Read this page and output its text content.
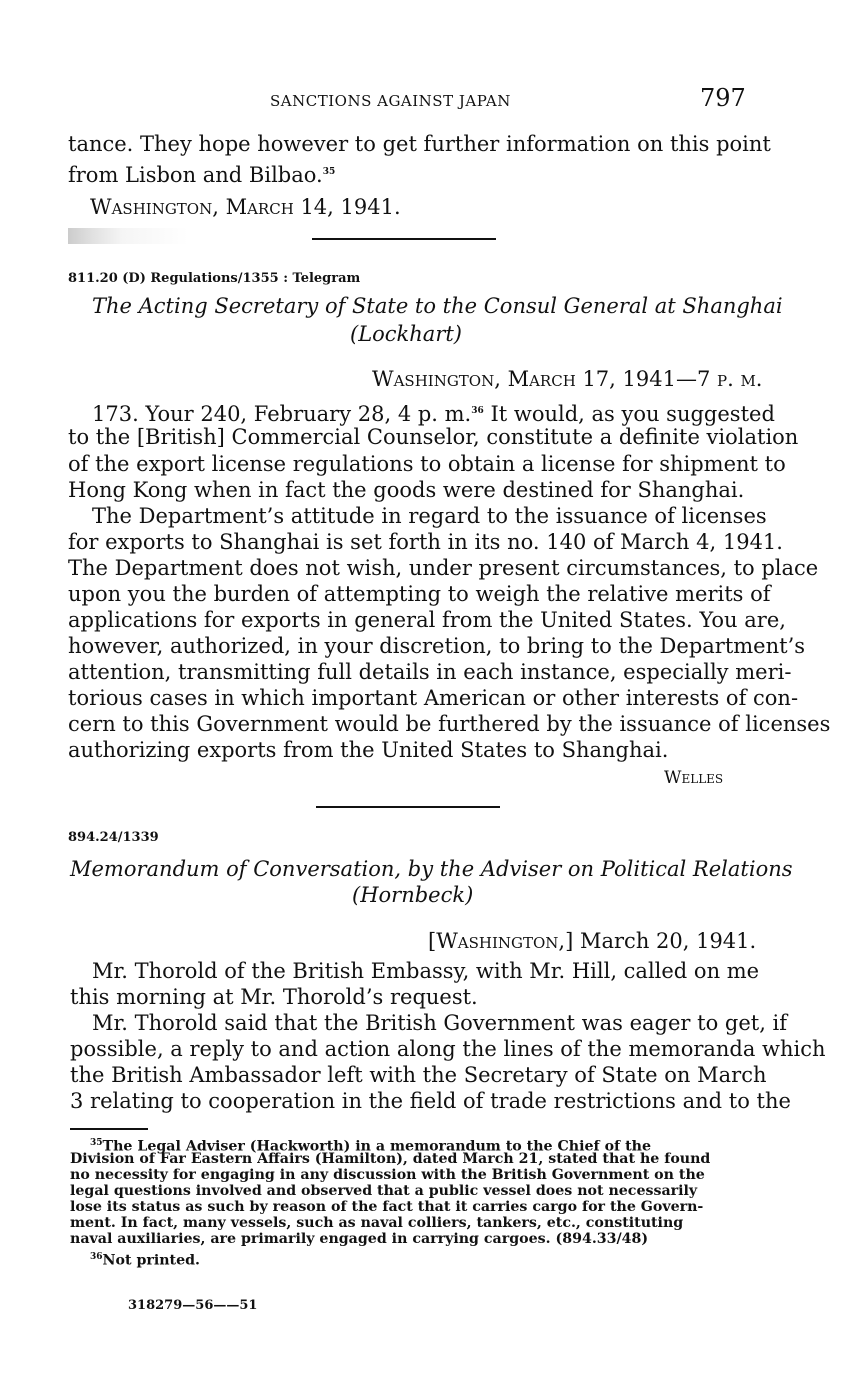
SANCTIONS AGAINST JAPAN	797
tance. They hope however to get further information on this point
from Lisbon and Bilbao.$^{35}$
Washington, March 14, 1941.
811.20 (D) Regulations/1355 : Telegram
The Acting Secretary of State to the Consul General at Shanghai
(Lockhart)
Washington, March 17, 1941—7 p. m.
173. Your 240, February 28, 4 p. m.$^{36}$ It would, as you suggested
to the [British] Commercial Counselor, constitute a definite violation
of the export license regulations to obtain a license for shipment to
Hong Kong when in fact the goods were destined for Shanghai.
The Department’s attitude in regard to the issuance of licenses
for exports to Shanghai is set forth in its no. 140 of March 4, 1941.
The Department does not wish, under present circumstances, to place
upon you the burden of attempting to weigh the relative merits of
applications for exports in general from the United States. You are,
however, authorized, in your discretion, to bring to the Department’s
attention, transmitting full details in each instance, especially meri-
torious cases in which important American or other interests of con-
cern to this Government would be furthered by the issuance of licenses
authorizing exports from the United States to Shanghai.
Welles
894.24/1339
Memorandum of Conversation, by the Adviser on Political Relations
(Hornbeck)
[Washington,] March 20, 1941.
Mr. Thorold of the British Embassy, with Mr. Hill, called on me
this morning at Mr. Thorold’s request.
Mr. Thorold said that the British Government was eager to get, if
possible, a reply to and action along the lines of the memoranda which
the British Ambassador left with the Secretary of State on March
3 relating to cooperation in the field of trade restrictions and to the
$^{35}$The Legal Adviser (Hackworth) in a memorandum to the Chief of the
Division of Far Eastern Affairs (Hamilton), dated March 21, stated that he found
no necessity for engaging in any discussion with the British Government on the
legal questions involved and observed that a public vessel does not necessarily
lose its status as such by reason of the fact that it carries cargo for the Govern-
ment. In fact, many vessels, such as naval colliers, tankers, etc., constituting
naval auxiliaries, are primarily engaged in carrying cargoes. (894.33/48)
$^{36}$Not printed.
318279—56——51
